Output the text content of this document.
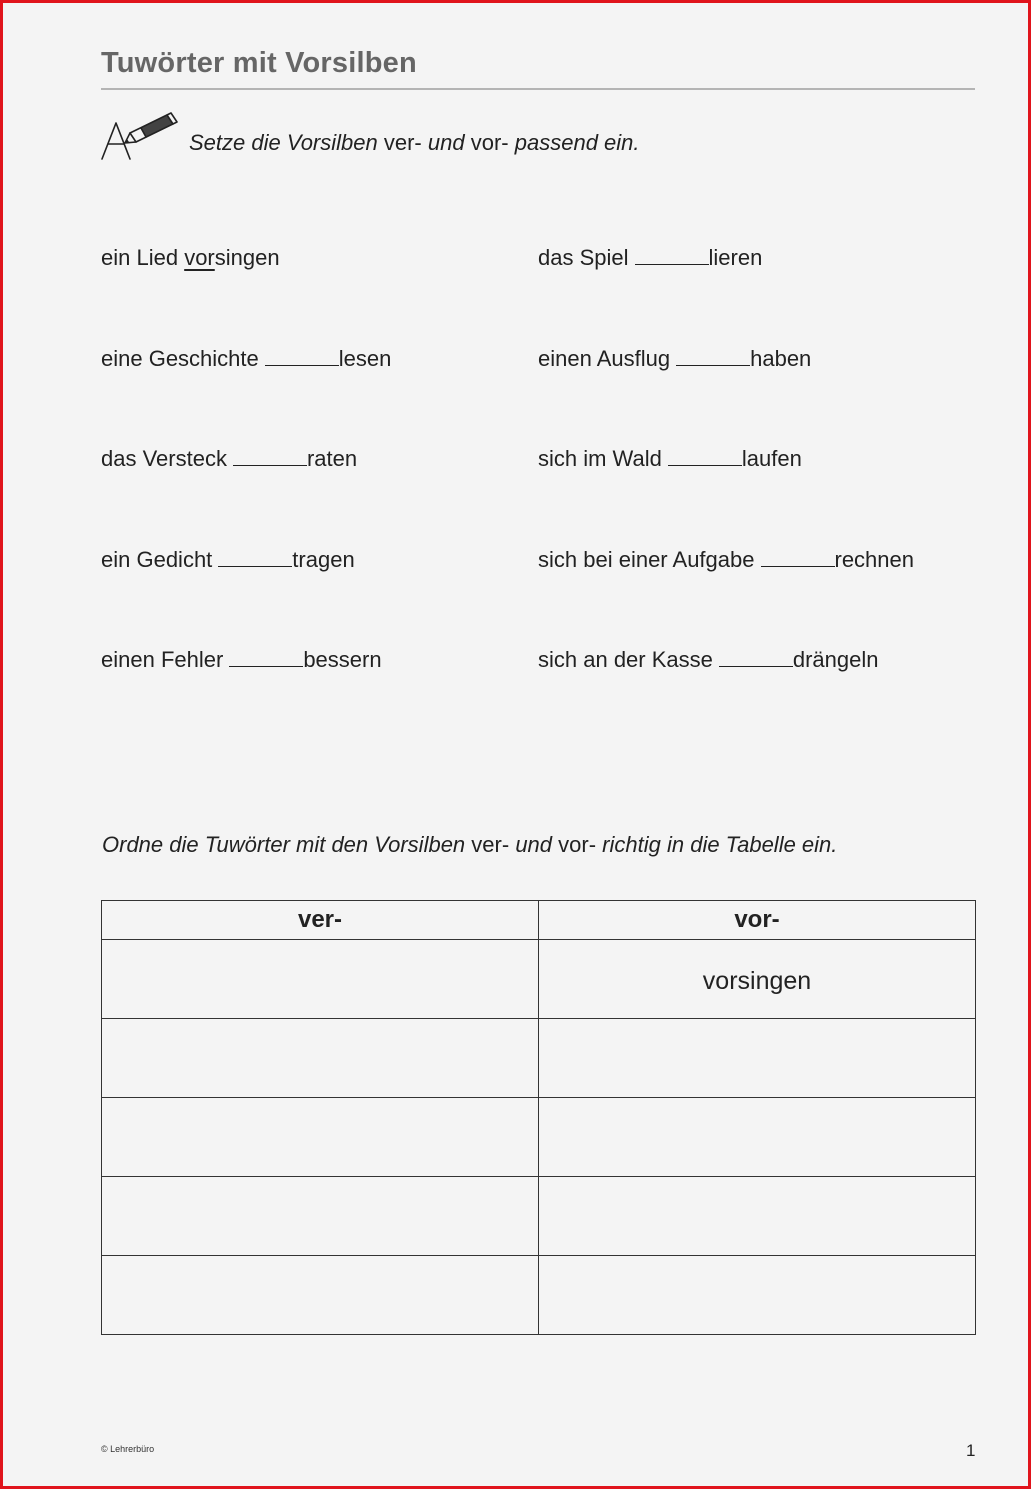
Tuwörter mit Vorsilben
Setze die Vorsilben ver- und vor- passend ein.
ein Lied vorsingen
eine Geschichte	lesen
das Versteck	raten
ein Gedicht	tragen
einen Fehler	bessern
das Spiel	lieren
einen Ausflug	haben
sich im Wald	laufen
sich bei einer Aufgabe	rechnen
sich an der Kasse	drängeln
Ordne die Tuwörter mit den Vorsilben ver- und vor- richtig in die Tabelle ein.
ver-	vor-

	vorsingen

© Lehrerbüro	1
